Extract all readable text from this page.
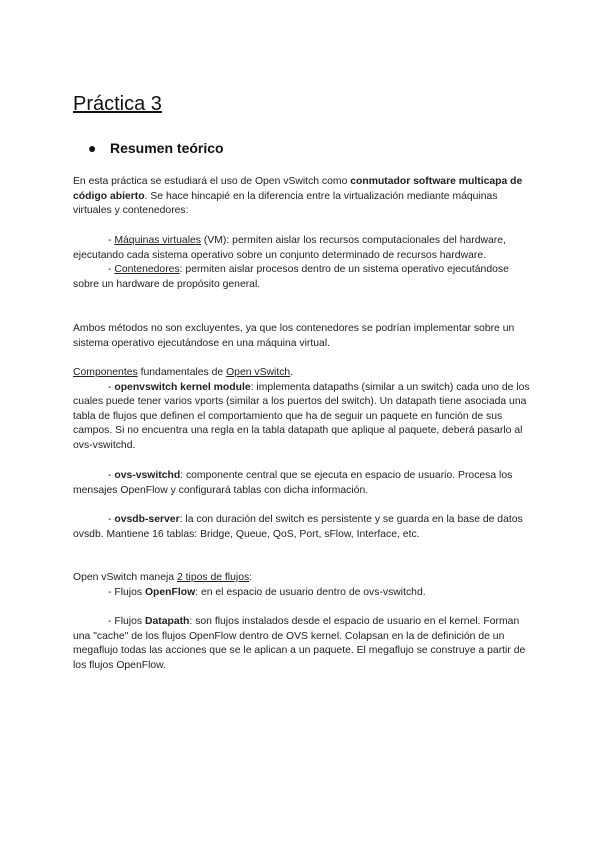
Práctica 3
● Resumen teórico

En esta práctica se estudiará el uso de Open vSwitch como conmutador software multicapa de código abierto. Se hace hincapié en la diferencia entre la virtualización mediante máquinas virtuales y contenedores:

- Máquinas virtuales (VM): permiten aislar los recursos computacionales del hardware, ejecutando cada sistema operativo sobre un conjunto determinado de recursos hardware.

- Contenedores: permiten aislar procesos dentro de un sistema operativo ejecutándose sobre un hardware de propósito general.

Ambos métodos no son excluyentes, ya que los contenedores se podrían implementar sobre un sistema operativo ejecutándose en una máquina virtual.

Componentes fundamentales de Open vSwitch.

- openvswitch kernel module: implementa datapaths (similar a un switch) cada uno de los cuales puede tener varios vports (similar a los puertos del switch). Un datapath tiene asociada una tabla de flujos que definen el comportamiento que ha de seguir un paquete en función de sus campos. Si no encuentra una regla en la tabla datapath que aplique al paquete, deberá pasarlo al ovs-vswitchd.

- ovs-vswitchd: componente central que se ejecuta en espacio de usuario. Procesa los mensajes OpenFlow y configurará tablas con dicha información.

- ovsdb-server: la con duración del switch es persistente y se guarda en la base de datos ovsdb. Mantiene 16 tablas: Bridge, Queue, QoS, Port, sFlow, Interface, etc.

Open vSwitch maneja 2 tipos de flujos:

- Flujos OpenFlow: en el espacio de usuario dentro de ovs-vswitchd.

- Flujos Datapath: son flujos instalados desde el espacio de usuario en el kernel. Forman una "cache" de los flujos OpenFlow dentro de OVS kernel. Colapsan en la de definición de un megaflujo todas las acciones que se le aplican a un paquete. El megaflujo se construye a partir de los flujos OpenFlow.
